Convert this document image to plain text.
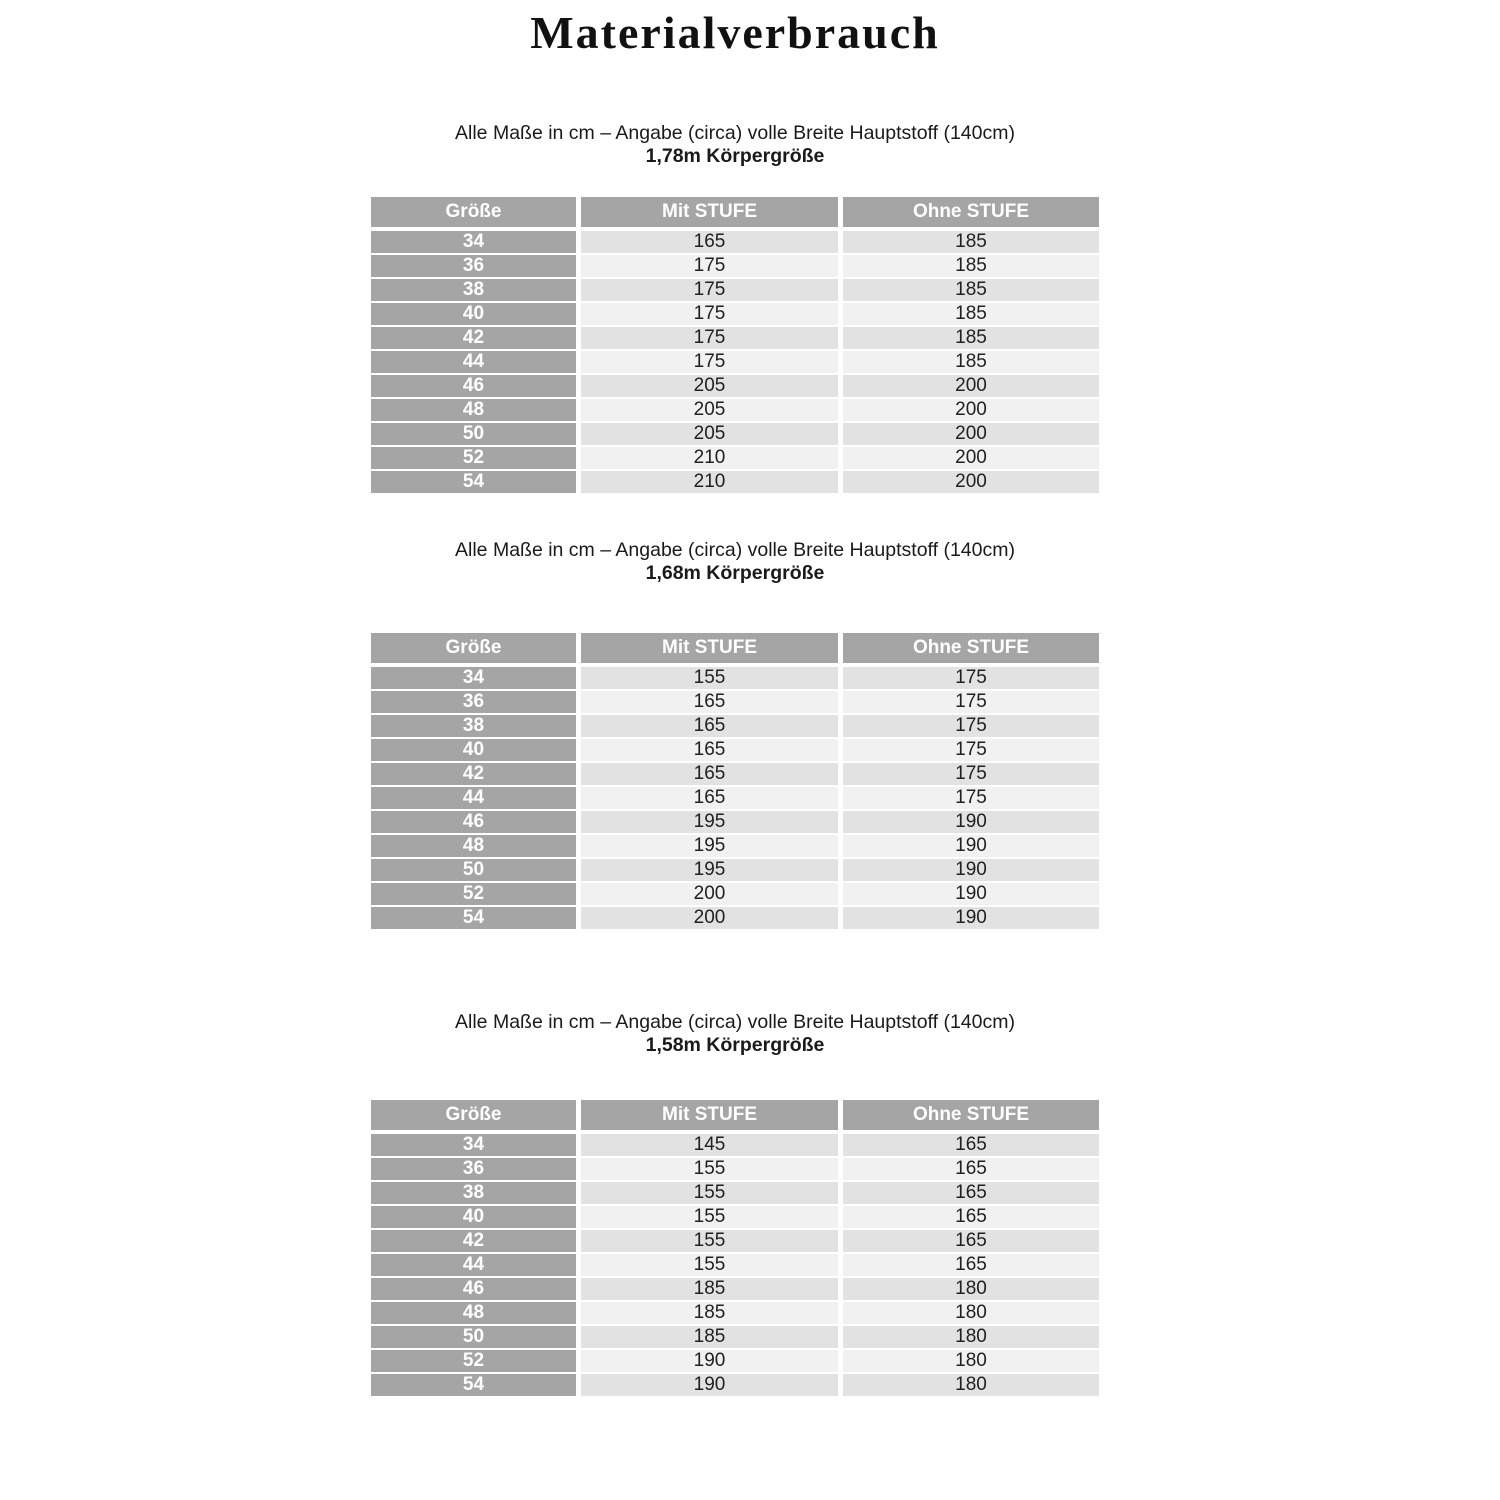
Materialverbrauch
Alle Maße in cm – Angabe (circa) volle Breite Hauptstoff (140cm)
1,78m Körpergröße
Größe	Mit STUFE	Ohne STUFE
34	165	185
36	175	185
38	175	185
40	175	185
42	175	185
44	175	185
46	205	200
48	205	200
50	205	200
52	210	200
54	210	200
Alle Maße in cm – Angabe (circa) volle Breite Hauptstoff (140cm)
1,68m Körpergröße
Größe	Mit STUFE	Ohne STUFE
34	155	175
36	165	175
38	165	175
40	165	175
42	165	175
44	165	175
46	195	190
48	195	190
50	195	190
52	200	190
54	200	190
Alle Maße in cm – Angabe (circa) volle Breite Hauptstoff (140cm)
1,58m Körpergröße
Größe	Mit STUFE	Ohne STUFE
34	145	165
36	155	165
38	155	165
40	155	165
42	155	165
44	155	165
46	185	180
48	185	180
50	185	180
52	190	180
54	190	180
